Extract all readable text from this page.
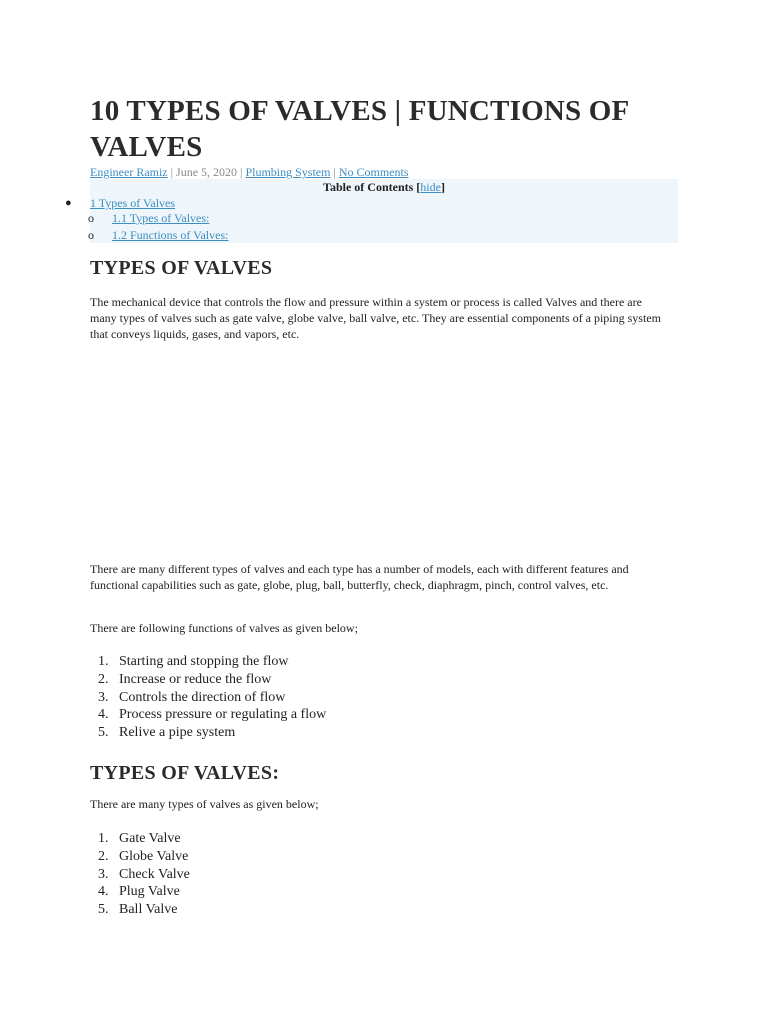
10 TYPES OF VALVES | FUNCTIONS OF VALVES
Engineer Ramiz | June 5, 2020 | Plumbing System | No Comments
Table of Contents [hide]
● 1 Types of Valves
o 1.1 Types of Valves:
o 1.2 Functions of Valves:
TYPES OF VALVES

The mechanical device that controls the flow and pressure within a system or process is called Valves and there are many types of valves such as gate valve, globe valve, ball valve, etc. They are essential components of a piping system that conveys liquids, gases, and vapors, etc.

There are many different types of valves and each type has a number of models, each with different features and functional capabilities such as gate, globe, plug, ball, butterfly, check, diaphragm, pinch, control valves, etc.

There are following functions of valves as given below;

1. Starting and stopping the flow
2. Increase or reduce the flow
3. Controls the direction of flow
4. Process pressure or regulating a flow
5. Relive a pipe system
TYPES OF VALVES:

There are many types of valves as given below;

1. Gate Valve
2. Globe Valve
3. Check Valve
4. Plug Valve
5. Ball Valve
